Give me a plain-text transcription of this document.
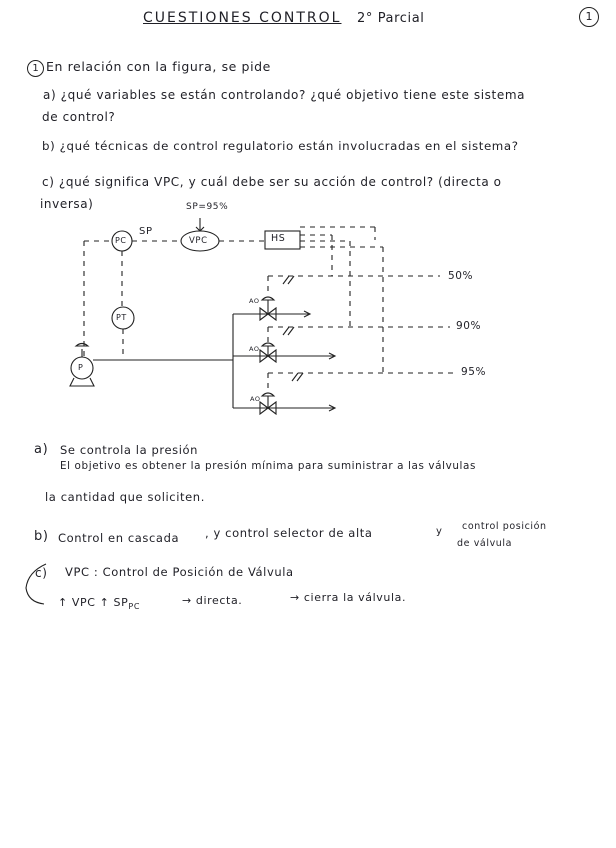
CUESTIONES CONTROL 2° Parcial	1
1 En relación con la figura, se pide
a) ¿qué variables se están controlando? ¿qué objetivo tiene este sistema
de control?
b) ¿qué técnicas de control regulatorio están involucradas en el sistema?
c) ¿qué significa VPC, y cuál debe ser su acción de control? (directa o
inversa)	SP=95%
SP
PC	VPC	HS
PT
P
AO
AO
AO
50%
90%
95%
a) Se controla la presión
El objetivo es obtener la presión mínima para suministrar a las válvulas
la cantidad que soliciten.
b) Control en cascada , y control selector de alta	y control posición
de válvula
c) VPC : Control de Posición de Válvula
↑ VPC ↑ $SP_{PC}$	→ directa.	→ cierra la válvula.
